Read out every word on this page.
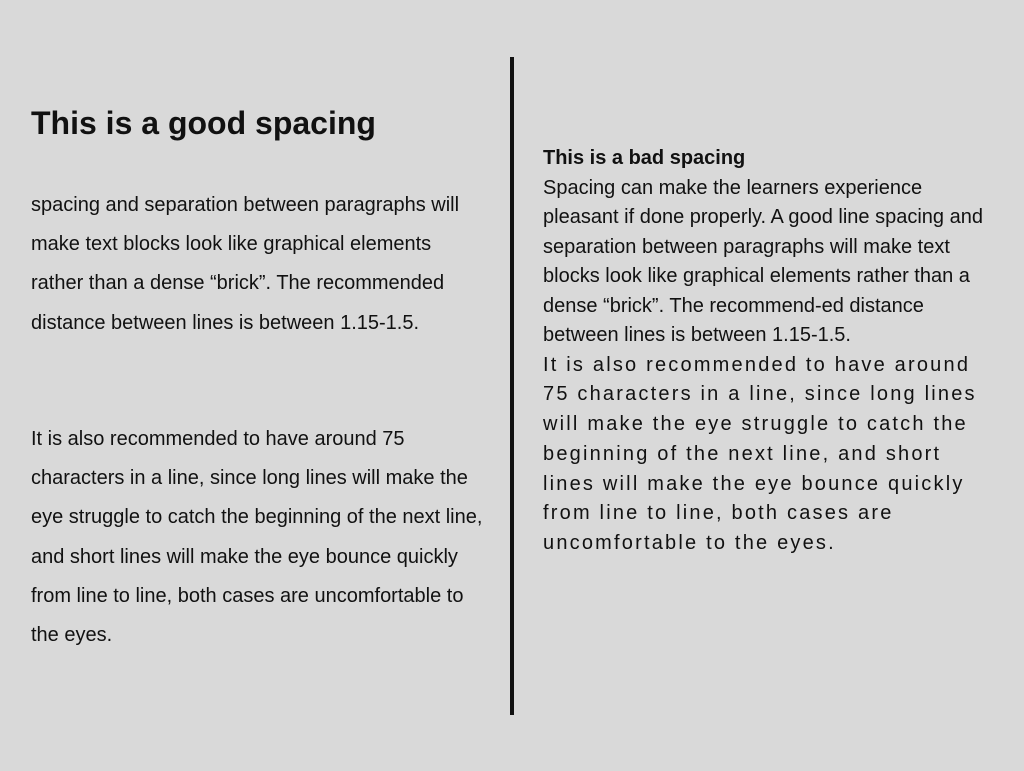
This is a good spacing

spacing and separation between paragraphs will make text blocks look like graphical elements rather than a dense “brick”. The recommended distance between lines is between 1.15-1.5.

It is also recommended to have around 75 characters in a line, since long lines will make the eye struggle to catch the beginning of the next line, and short lines will make the eye bounce quickly from line to line, both cases are uncomfortable to the eyes.

This is a bad spacing

Spacing can make the learners experience pleasant if done properly. A good line spacing and separation between paragraphs will make text blocks look like graphical elements rather than a dense “brick”. The recommend-ed distance between lines is between 1.15-1.5.

It is also recommended to have around 75 characters in a line, since long lines will make the eye struggle to catch the beginning of the next line, and short lines will make the eye bounce quickly from line to line, both cases are uncomfortable to the eyes.
